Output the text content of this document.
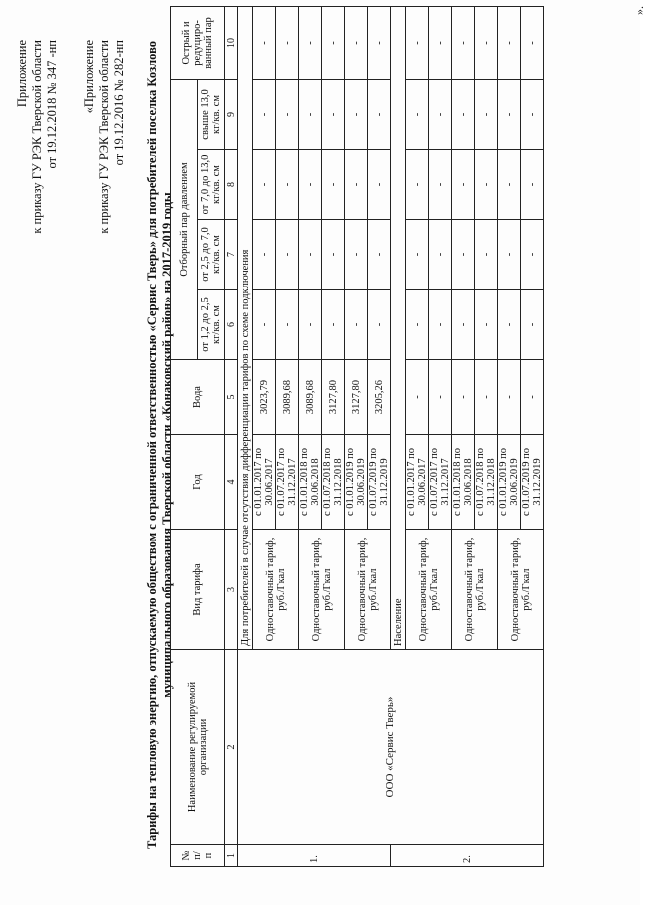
Приложение к приказу ГУ РЭК Тверской области от 19.12.2018 № 347 -нп «Приложение к приказу ГУ РЭК Тверской области от 19.12.2016 № 282-нп Тарифы на тепловую энергию, отпускаемую обществом с ограниченной ответственностью «Сервис Тверь» для потребителей поселка Козлово муниципального образования Тверской области «Конаковский район» на 2017-2019 годы
№ п/ п	Наименование регулируемой организации	Вид тарифа	Год	Вода	Отборный пар давлением				Острый и редуциро-ванный пар
					от 1,2 до 2,5 кг/кв. см	от 2,5 до 7,0 кг/кв. см	от 7,0 до 13,0 кг/кв. см	свыше 13,0 кг/кв. см	
1	2	3	4	5	6	7	8	9	10
1.	ООО «Сервис Тверь»	Для потребителей в случае отсутствия дифференциации тарифов по схеме подключения							
		Одноставочный тариф, руб./Гкал	с 01.01.2017 по 30.06.2017	3023,79	-	-	-	-	-
			с 01.07.2017 по 31.12.2017	3089,68	-	-	-	-	-
		Одноставочный тариф, руб./Гкал	с 01.01.2018 по 30.06.2018	3089,68	-	-	-	-	-
			с 01.07.2018 по 31.12.2018	3127,80	-	-	-	-	-
		Одноставочный тариф, руб./Гкал	с 01.01.2019 по 30.06.2019	3127,80	-	-	-	-	-
			с 01.07.2019 по 31.12.2019	3205,26	-	-	-	-	-
2.		Население							
		Одноставочный тариф, руб./Гкал	с 01.01.2017 по 30.06.2017	-	-	-	-	-	-
			с 01.07.2017 по 31.12.2017	-	-	-	-	-	-
		Одноставочный тариф, руб./Гкал	с 01.01.2018 по 30.06.2018	-	-	-	-	-	-
			с 01.07.2018 по 31.12.2018	-	-	-	-	-	-
		Одноставочный тариф, руб./Гкал	с 01.01.2019 по 30.06.2019	-	-	-	-	-	-
			с 01.07.2019 по 31.12.2019	-	-	-	-	-	-
».
